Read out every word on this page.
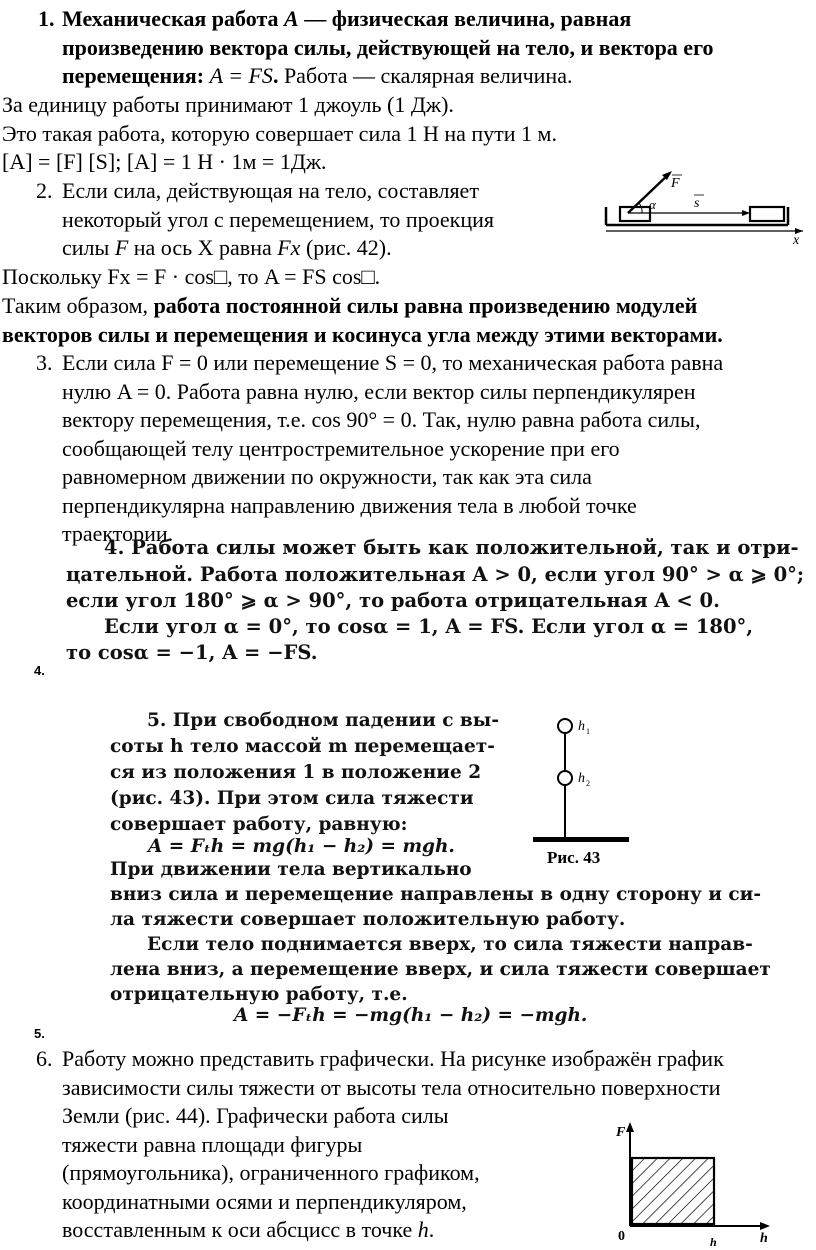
1. Механическая работа A — физическая величина, равная
произведению вектора силы, действующей на тело, и вектора его
перемещения: A = FS. Работа — скалярная величина.
За единицу работы принимают 1 джоуль (1 Дж).
Это такая работа, которую совершает сила 1 Н на пути 1 м.
[A] = [F] [S]; [A] = 1 Н · 1м = 1Дж.
2. Если сила, действующая на тело, составляет
некоторый угол с перемещением, то проекция
силы F на ось X равна Fx (рис. 42).
Поскольку Fx = F · cos□, то A = FS cos□.
Таким образом, работа постоянной силы равна произведению модулей
векторов силы и перемещения и косинуса угла между этими векторами.
F
α	s
x
3. Если сила F = 0 или перемещение S = 0, то механическая работа равна
нулю A = 0. Работа равна нулю, если вектор силы перпендикулярен
вектору перемещения, т.е. cos 90° = 0. Так, нулю равна работа силы,
сообщающей телу центростремительное ускорение при его
равномерном движении по окружности, так как эта сила
перпендикулярна направлению движения тела в любой точке
траектории.
4. Работа силы может быть как положительной, так и отри-
цательной. Работа положительная A > 0, если угол 90° > α ⩾ 0°;
если угол 180° ⩾ α > 90°, то работа отрицательная A < 0.
Если угол α = 0°, то cosα = 1, A = FS. Если угол α = 180°,
то cosα = −1, A = −FS.
4.
5. При свободном падении с вы-
соты h тело массой m перемещает-
ся из положения 1 в положение 2
(рис. 43). При этом сила тяжести
совершает работу, равную:
A = Fₜh = mg(h₁ − h₂) = mgh.
При движении тела вертикально
вниз сила и перемещение направлены в одну сторону и си-
ла тяжести совершает положительную работу.
Если тело поднимается вверх, то сила тяжести направ-
лена вниз, а перемещение вверх, и сила тяжести совершает
отрицательную работу, т.е.
A = −Fₜh = −mg(h₁ − h₂) = −mgh.
5.
h 1
h 2
Рис. 43
6. Работу можно представить графически. На рисунке изображён график
зависимости силы тяжести от высоты тела относительно поверхности
Земли (рис. 44). Графически работа силы
тяжести равна площади фигуры
(прямоугольника), ограниченного графиком,
координатными осями и перпендикуляром,
восставленным к оси абсцисс в точке h.
F
0	h
h
